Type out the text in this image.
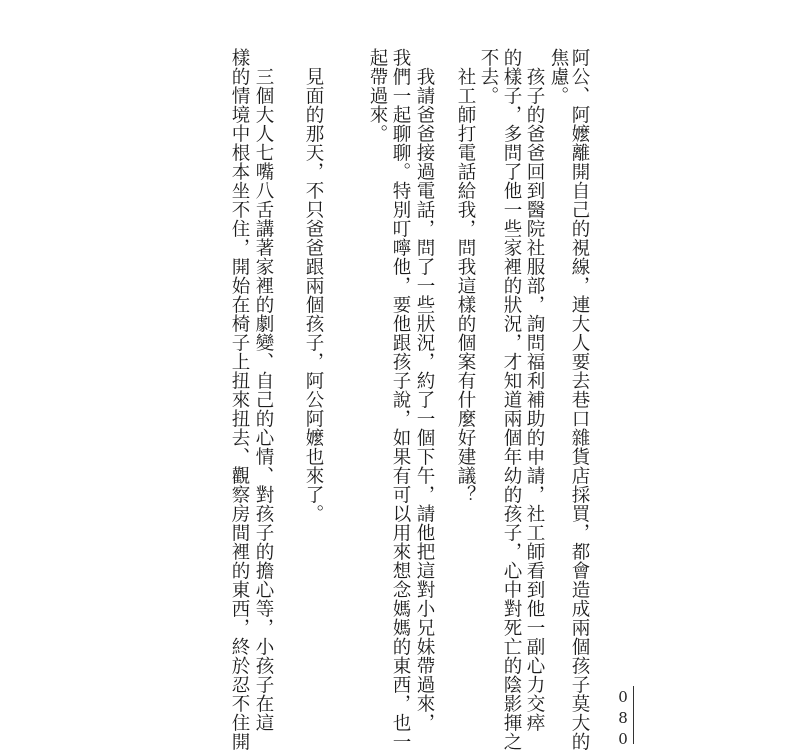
阿公、阿嬤離開自己的視線，連大人要去巷口雜貨店採買，都會造成兩個孩子莫大的
焦慮。
　孩子的爸爸回到醫院社服部，詢問福利補助的申請，社工師看到他一副心力交瘁
的樣子，多問了他一些家裡的狀況，才知道兩個年幼的孩子，心中對死亡的陰影揮之
不去。
　社工師打電話給我，問我這樣的個案有什麼好建議？
　我請爸爸接過電話，問了一些狀況，約了一個下午，請他把這對小兄妹帶過來，
我們一起聊聊。特別叮嚀他，要他跟孩子說，如果有可以用來想念媽媽的東西，也一
起帶過來。
　見面的那天，不只爸爸跟兩個孩子，阿公阿嬤也來了。
　三個大人七嘴八舌講著家裡的劇變、自己的心情、對孩子的擔心等，小孩子在這
樣的情境中根本坐不住，開始在椅子上扭來扭去、觀察房間裡的東西，終於忍不住開	080
